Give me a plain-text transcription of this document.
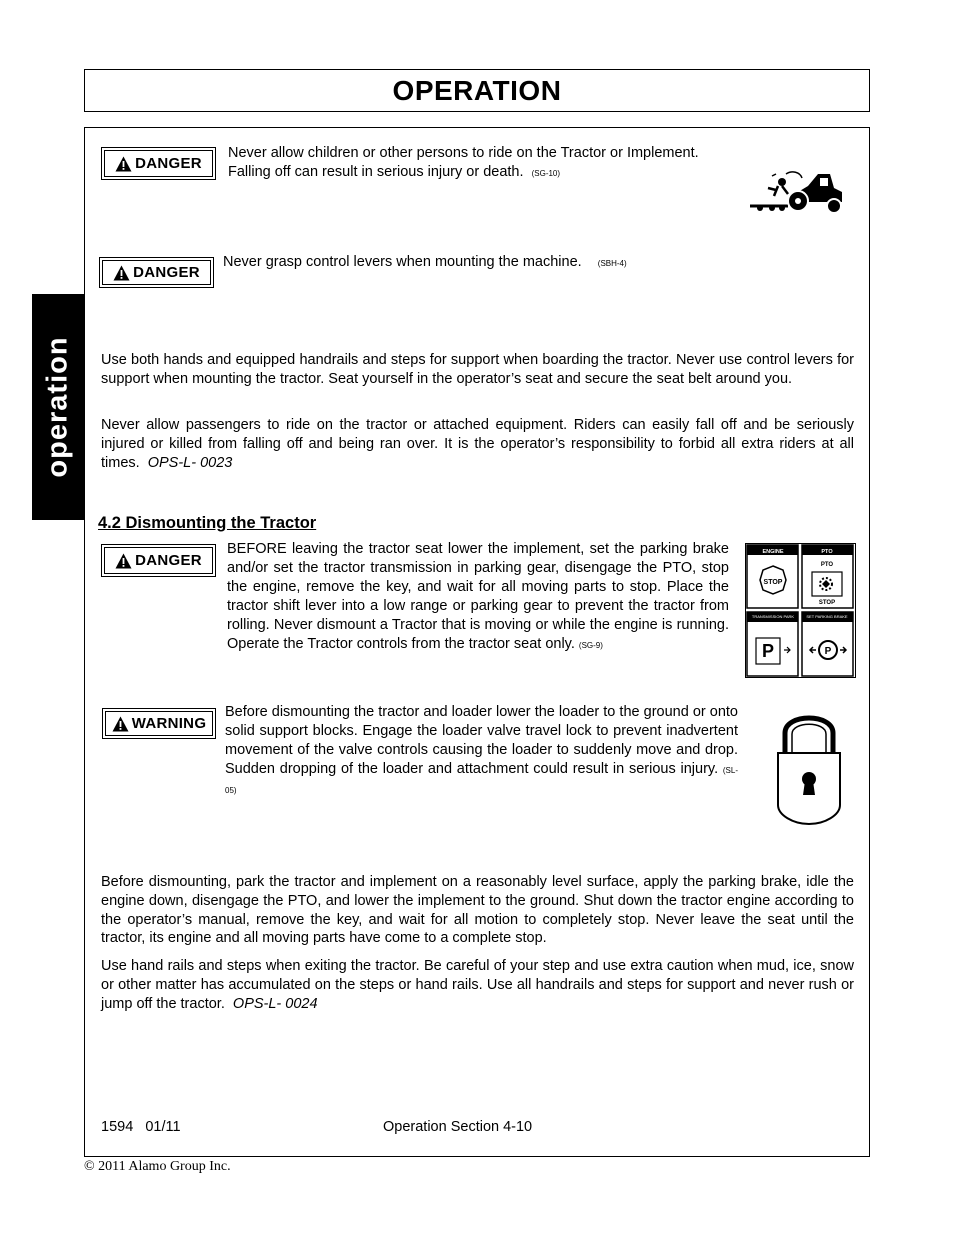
OPERATION
operation
DANGER
Never allow children or other persons to ride on the Tractor or Implement.
Falling off can result in serious injury or death. (SG-10)
DANGER
Never grasp control levers when mounting the machine. (SBH-4)
Use both hands and equipped handrails and steps for support when boarding the tractor. Never use control levers for support when mounting the tractor. Seat yourself in the operator’s seat and secure the seat belt around you.
Never allow passengers to ride on the tractor or attached equipment. Riders can easily fall off and be seriously injured or killed from falling off and being ran over. It is the operator’s responsibility to forbid all extra riders at all times. OPS-L- 0023
4.2 Dismounting the Tractor
DANGER
BEFORE leaving the tractor seat lower the implement, set the parking brake and/or set the tractor transmission in parking gear, disengage the PTO, stop the engine, remove the key, and wait for all moving parts to stop. Place the tractor shift lever into a low range or parking gear to prevent the tractor from rolling. Never dismount a Tractor that is moving or while the engine is running. Operate the Tractor controls from the tractor seat only. (SG-9)
ENGINE	PTO
STOP
PTO
STOP
TRANSMISSION PARK	SET PARKING BRAKE
P	P
WARNING
Before dismounting the tractor and loader lower the loader to the ground or onto solid support blocks. Engage the loader valve travel lock to prevent inadvertent movement of the valve controls causing the loader to suddenly move and drop. Sudden dropping of the loader and attachment could result in serious injury. (SL-05)
Before dismounting, park the tractor and implement on a reasonably level surface, apply the parking brake, idle the engine down, disengage the PTO, and lower the implement to the ground. Shut down the tractor engine according to the operator’s manual, remove the key, and wait for all motion to completely stop. Never leave the seat until the tractor, its engine and all moving parts have come to a complete stop.
Use hand rails and steps when exiting the tractor. Be careful of your step and use extra caution when mud, ice, snow or other matter has accumulated on the steps or hand rails. Use all handrails and steps for support and never rush or jump off the tractor. OPS-L- 0024
1594   01/11	Operation Section 4-10
© 2011 Alamo Group Inc.
